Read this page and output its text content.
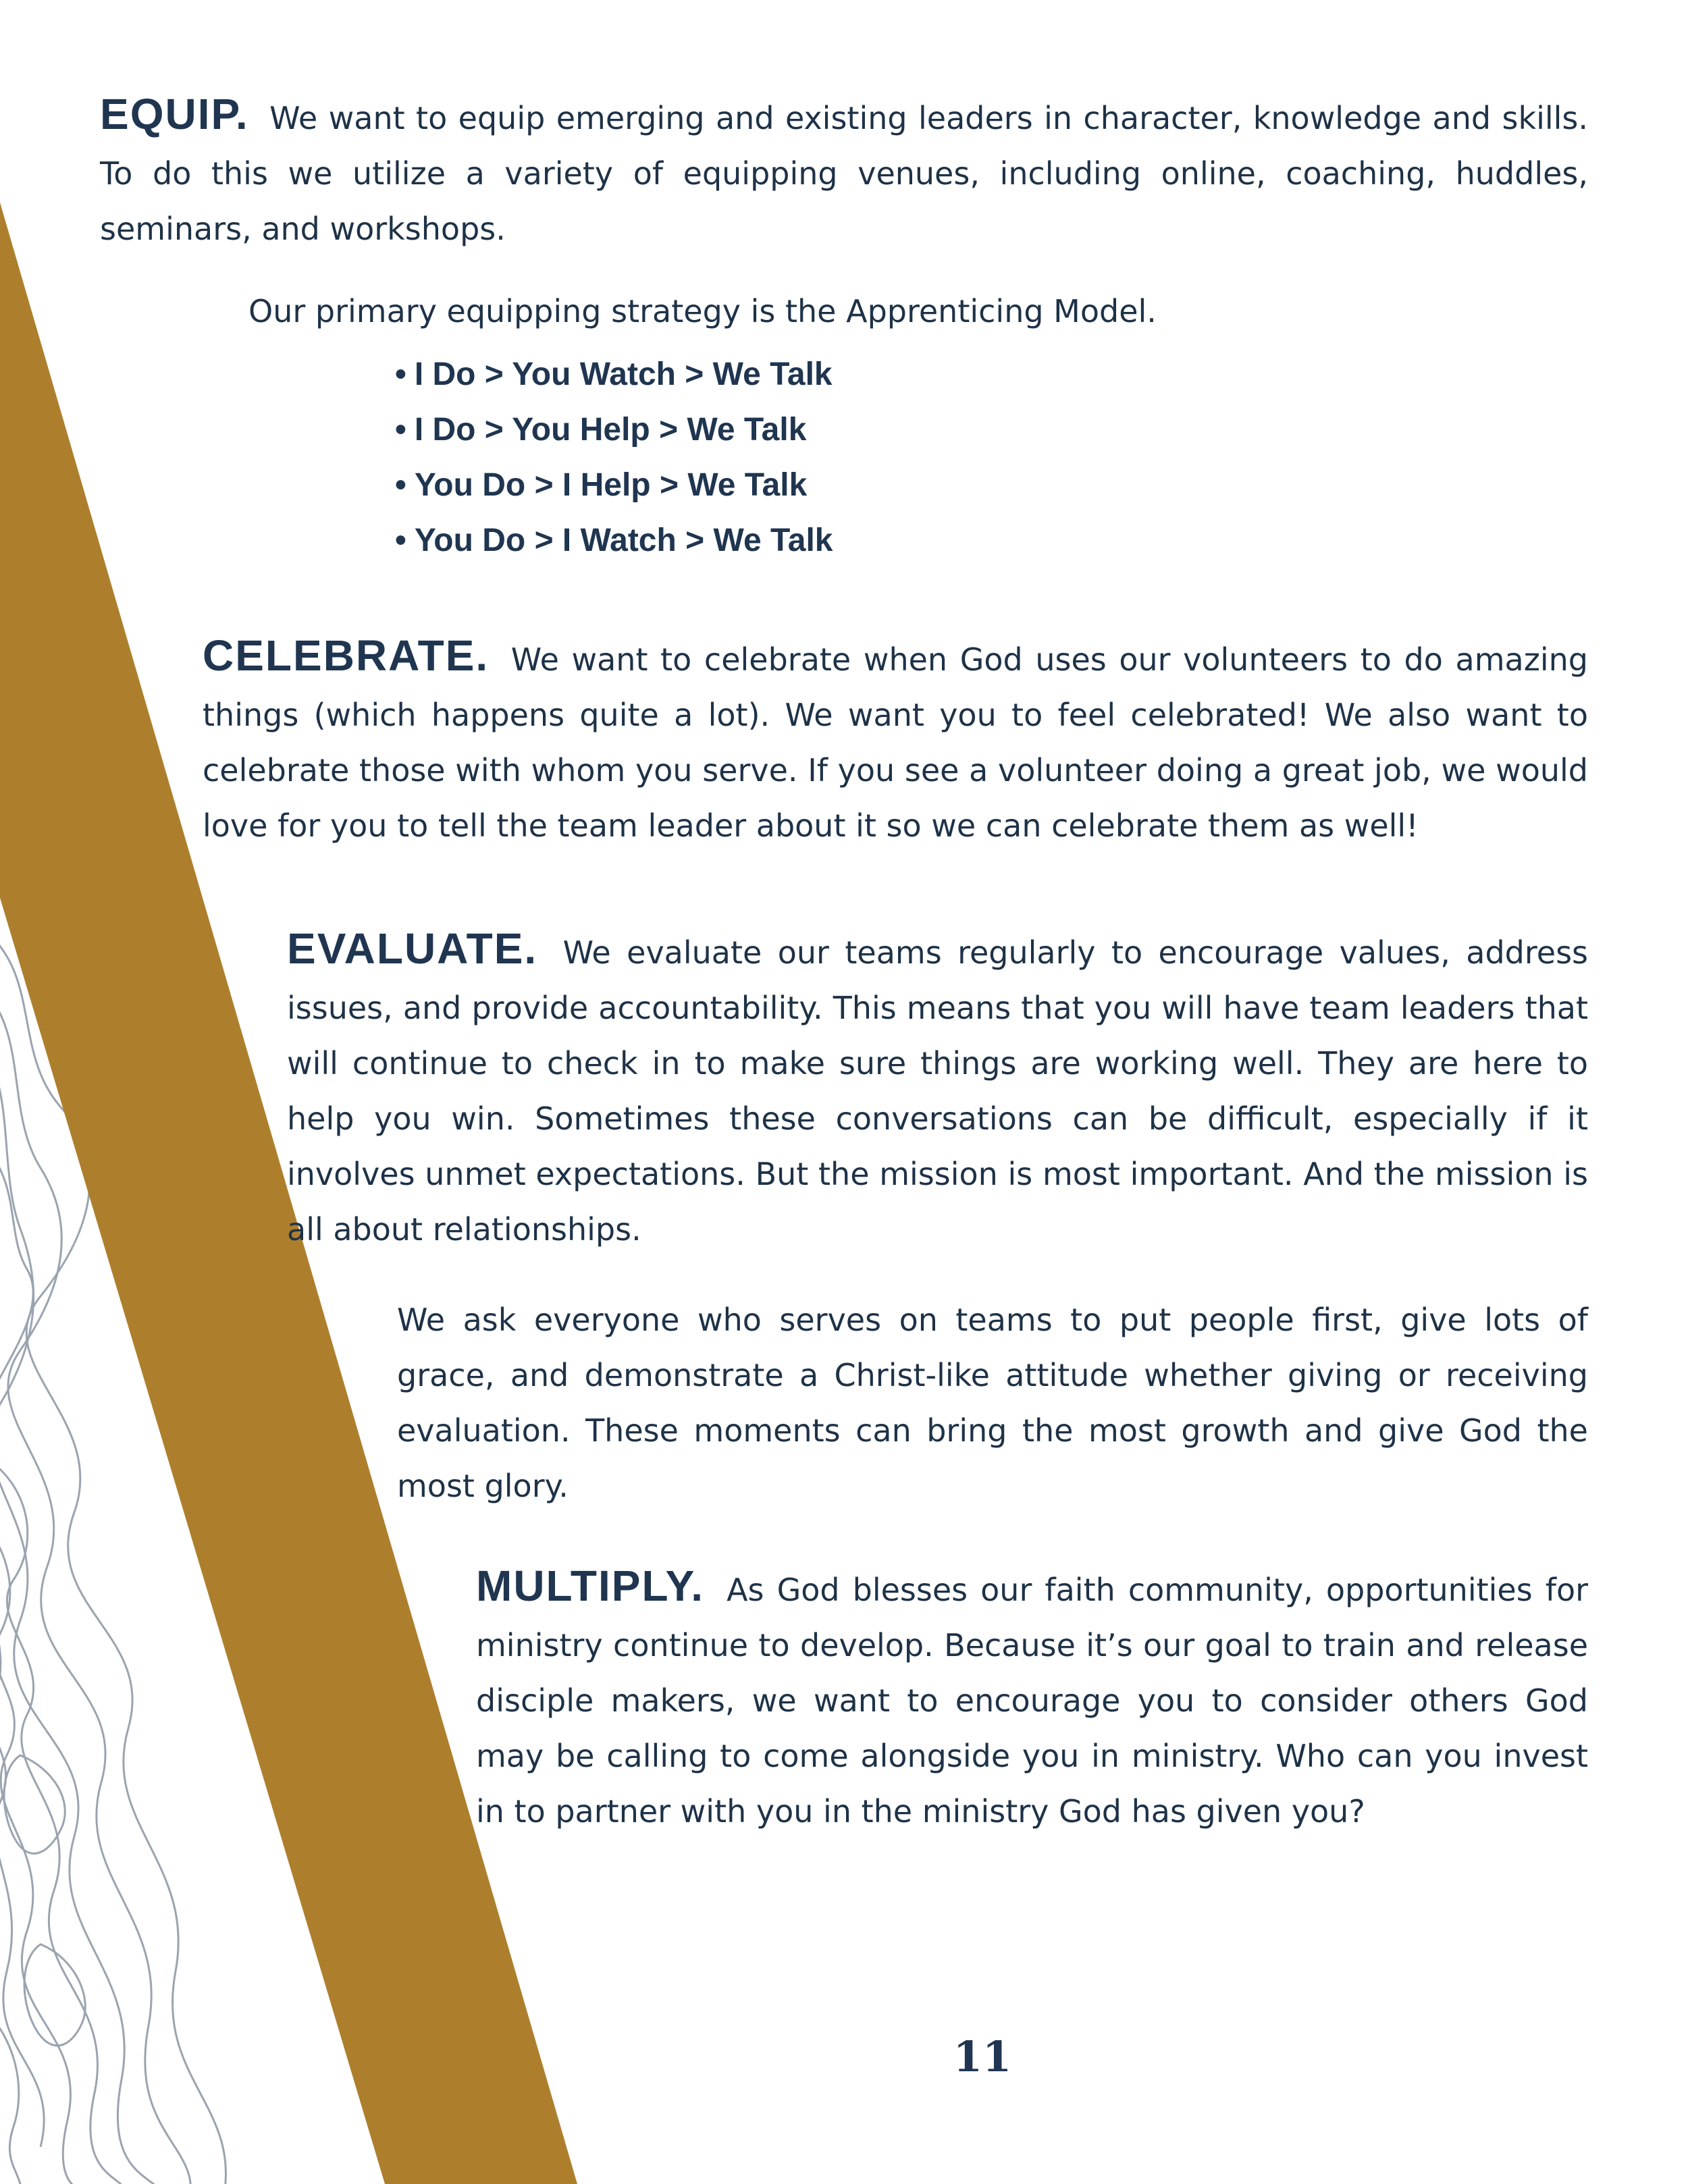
EQUIP. We want to equip emerging and existing leaders in character, knowledge and skills. To do this we utilize a variety of equipping venues, including online, coaching, huddles, seminars, and workshops.

Our primary equipping strategy is the Apprenticing Model.

• I Do > You Watch > We Talk
• I Do > You Help > We Talk
• You Do > I Help > We Talk
• You Do > I Watch > We Talk

CELEBRATE. We want to celebrate when God uses our volunteers to do amazing things (which happens quite a lot). We want you to feel celebrated! We also want to celebrate those with whom you serve. If you see a volunteer doing a great job, we would love for you to tell the team leader about it so we can celebrate them as well!

EVALUATE. We evaluate our teams regularly to encourage values, address issues, and provide accountability. This means that you will have team leaders that will continue to check in to make sure things are working well. They are here to help you win. Sometimes these conversations can be difficult, especially if it involves unmet expectations. But the mission is most important. And the mission is all about relationships.

We ask everyone who serves on teams to put people first, give lots of grace, and demonstrate a Christ-like attitude whether giving or receiving evaluation. These moments can bring the most growth and give God the most glory.

MULTIPLY. As God blesses our faith community, opportunities for ministry continue to develop. Because it’s our goal to train and release disciple makers, we want to encourage you to consider others God may be calling to come alongside you in ministry. Who can you invest in to partner with you in the ministry God has given you?

11
